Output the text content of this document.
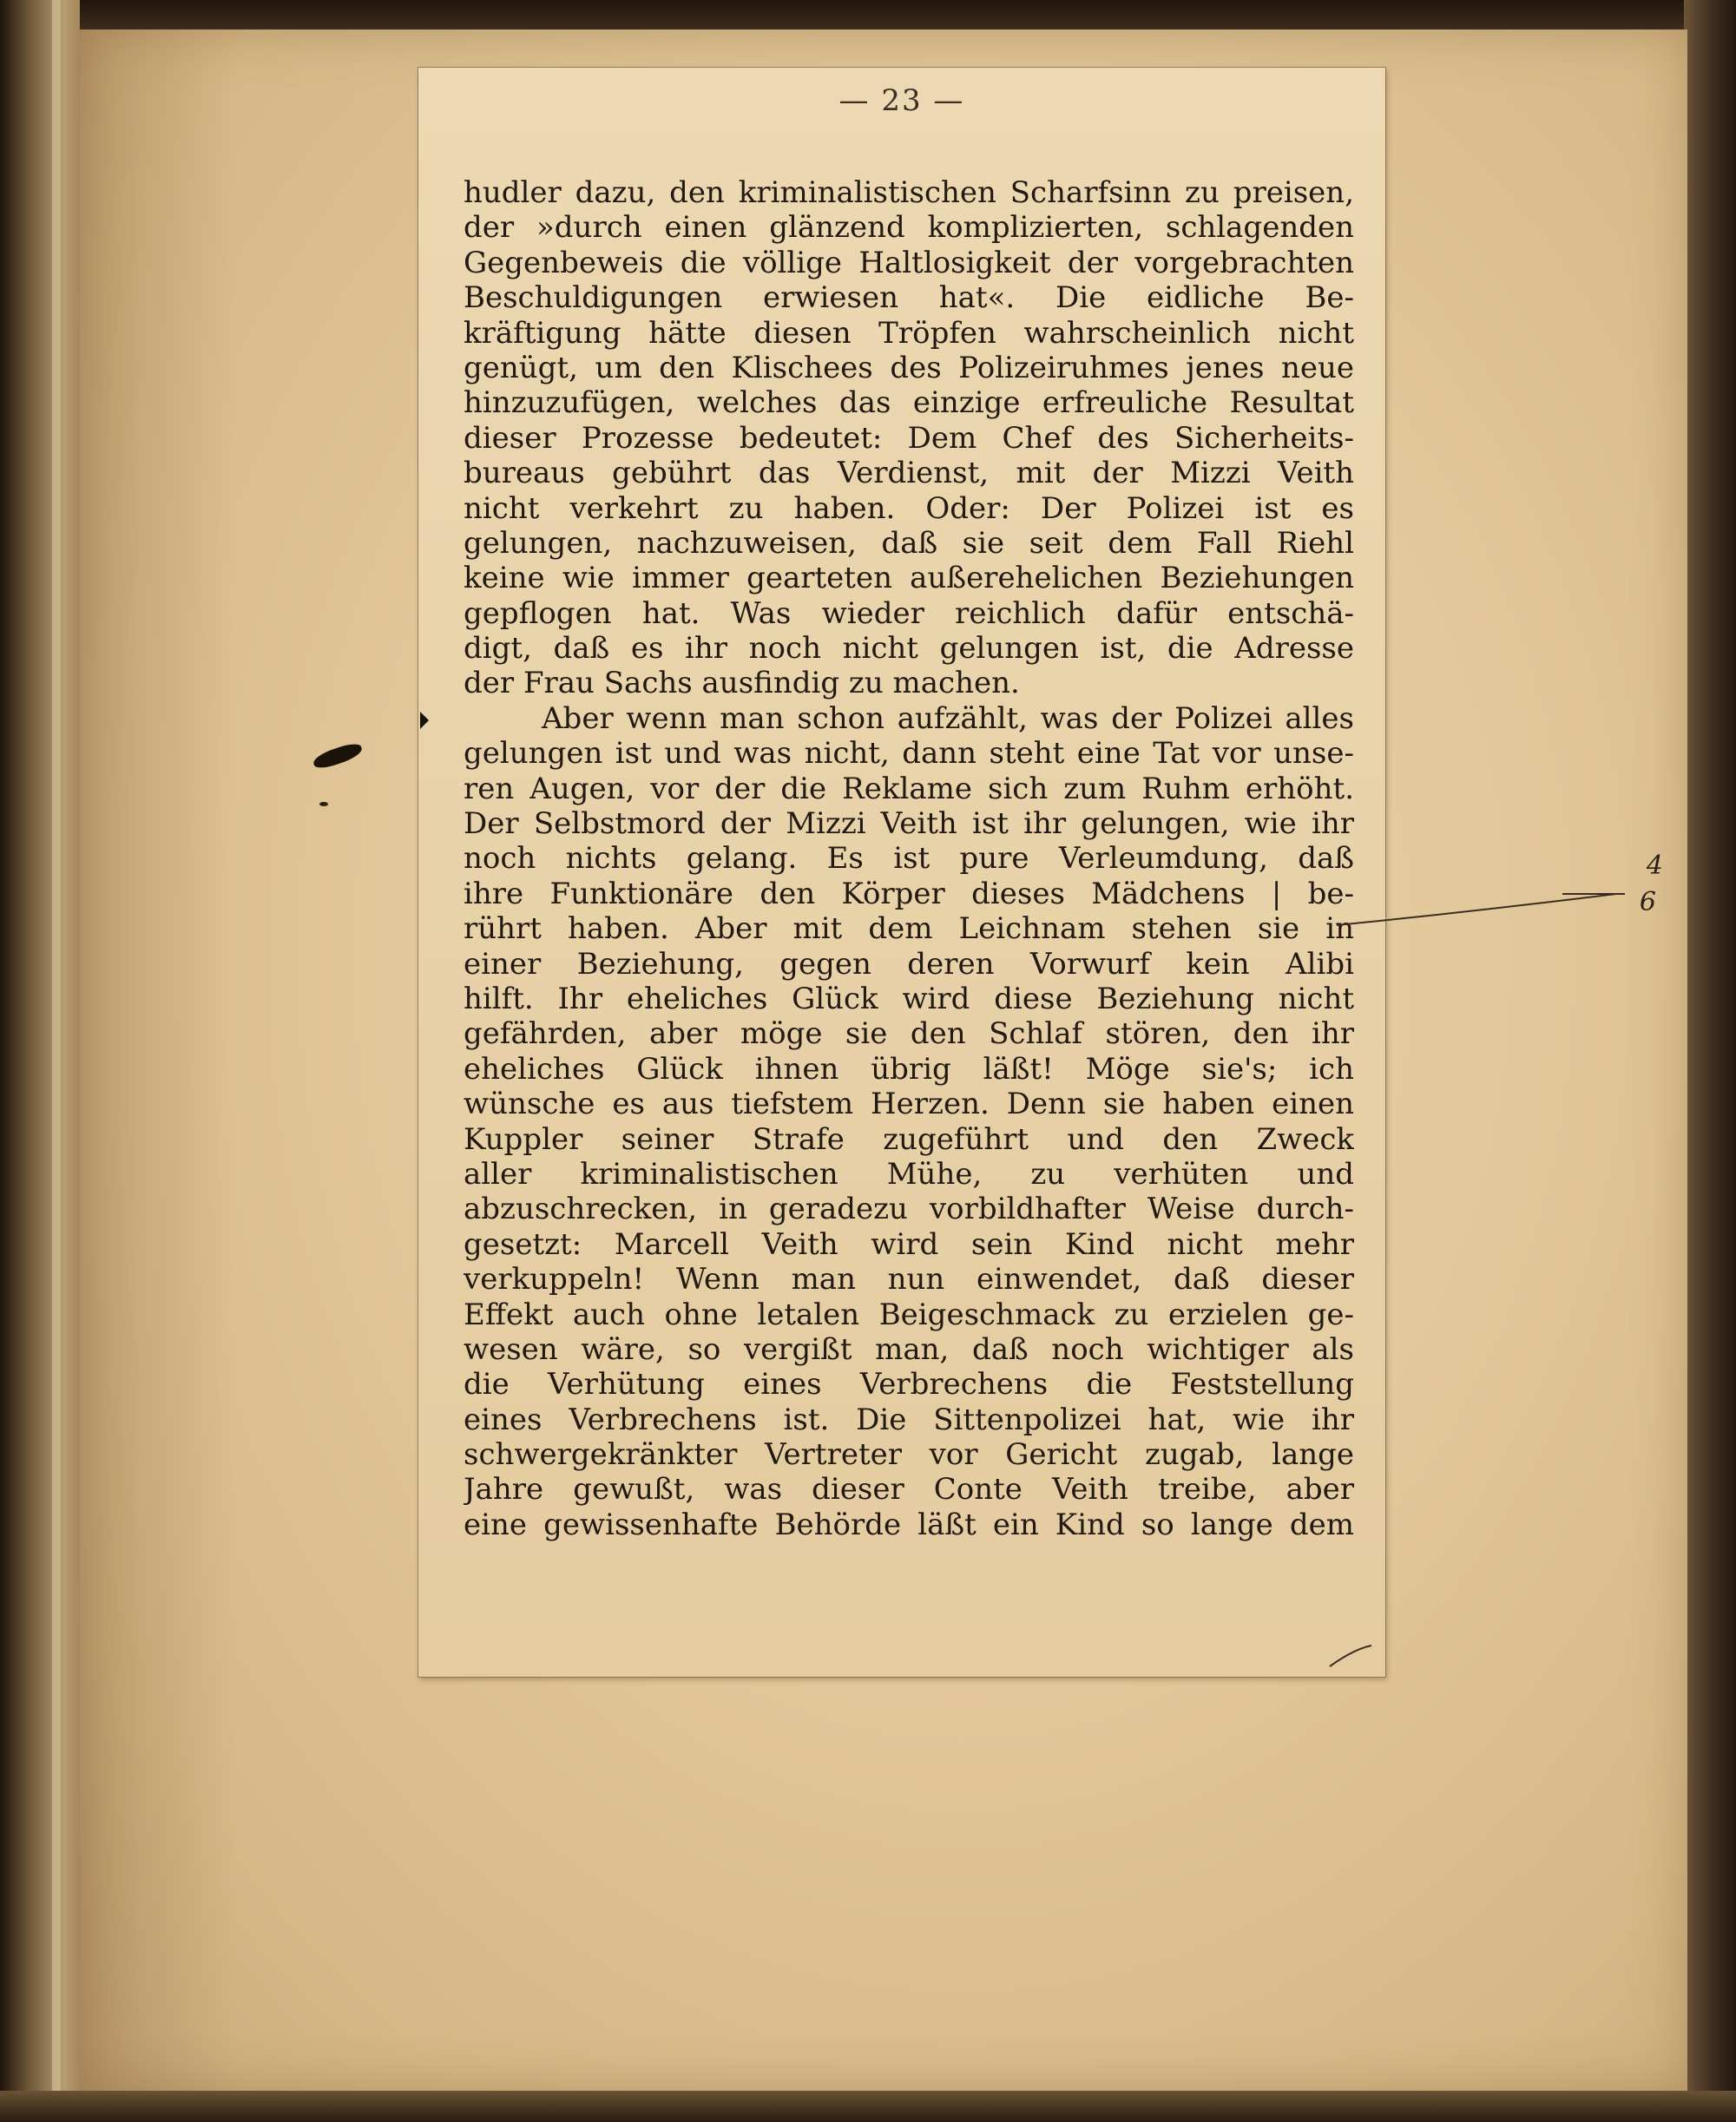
— 23 —
hudler dazu, den kriminalistischen Scharfsinn zu preisen,
der »durch einen glänzend komplizierten, schlagenden
Gegenbeweis die völlige Haltlosigkeit der vorgebrachten
Beschuldigungen erwiesen hat«. Die eidliche Be-
kräftigung hätte diesen Tröpfen wahrscheinlich nicht
genügt, um den Klischees des Polizeiruhmes jenes neue
hinzuzufügen, welches das einzige erfreuliche Resultat
dieser Prozesse bedeutet: Dem Chef des Sicherheits-
bureaus gebührt das Verdienst, mit der Mizzi Veith
nicht verkehrt zu haben. Oder: Der Polizei ist es
gelungen, nachzuweisen, daß sie seit dem Fall Riehl
keine wie immer gearteten außerehelichen Beziehungen
gepflogen hat. Was wieder reichlich dafür entschä-
digt, daß es ihr noch nicht gelungen ist, die Adresse
der Frau Sachs ausfindig zu machen.
Aber wenn man schon aufzählt, was der Polizei alles
gelungen ist und was nicht, dann steht eine Tat vor unse-
ren Augen, vor der die Reklame sich zum Ruhm erhöht.
Der Selbstmord der Mizzi Veith ist ihr gelungen, wie ihr
noch nichts gelang. Es ist pure Verleumdung, daß
ihre Funktionäre den Körper dieses Mädchens | be-
rührt haben. Aber mit dem Leichnam stehen sie in
einer Beziehung, gegen deren Vorwurf kein Alibi
hilft. Ihr eheliches Glück wird diese Beziehung nicht
gefährden, aber möge sie den Schlaf stören, den ihr
eheliches Glück ihnen übrig läßt! Möge sie's; ich
wünsche es aus tiefstem Herzen. Denn sie haben einen
Kuppler seiner Strafe zugeführt und den Zweck
aller kriminalistischen Mühe, zu verhüten und
abzuschrecken, in geradezu vorbildhafter Weise durch-
gesetzt: Marcell Veith wird sein Kind nicht mehr
verkuppeln! Wenn man nun einwendet, daß dieser
Effekt auch ohne letalen Beigeschmack zu erzielen ge-
wesen wäre, so vergißt man, daß noch wichtiger als
die Verhütung eines Verbrechens die Feststellung
eines Verbrechens ist. Die Sittenpolizei hat, wie ihr
schwergekränkter Vertreter vor Gericht zugab, lange
Jahre gewußt, was dieser Conte Veith treibe, aber
eine gewissenhafte Behörde läßt ein Kind so lange dem
4
6
